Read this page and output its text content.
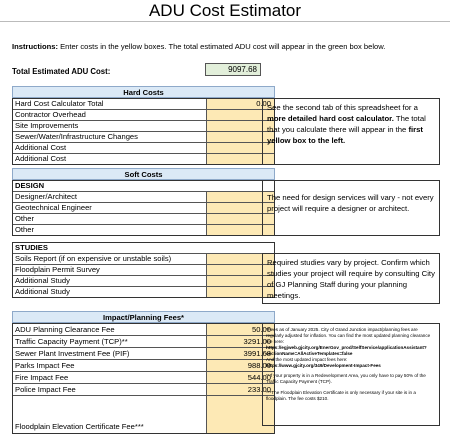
ADU Cost Estimator
Instructions: Enter costs in the yellow boxes. The total estimated ADU cost will appear in the green box below.
Total Estimated ADU Cost:	9097.68
Hard Costs
Hard Cost Calculator Total	0.00
Contractor Overhead
Site Improvements
Sewer/Water/Infrastructure Changes
Additional Cost
Additional Cost
See the second tab of this spreadsheet for a more detailed hard cost calculator. The total that you calculate there will appear in the first yellow box to the left.
Soft Costs
DESIGN
Designer/Architect
Geotechnical Engineer
Other
Other
The need for design services will vary - not every project will require a designer or architect.
STUDIES
Soils Report (if on expensive or unstable soils)
Floodplain Permit Survey
Additional Study
Additional Study
Required studies vary by project. Confirm which studies your project will require by consulting City of GJ Planning Staff during your planning meetings.
Impact/Planning Fees*
ADU Planning Clearance Fee	50.00
Traffic Capacity Payment (TCP)**	3291.00
Sewer Plant Investment Fee (PIF)	3991.68
Parks Impact Fee	988.00
Fire Impact Fee	544.00
Police Impact Fee	233.00
Floodplain Elevation Certificate Fee***
*Fees as of January 2025. City of Grand Junction impact/planning fees are regularly adjusted for inflation. You can find the most updated planning clearance fee here:
https://egjweb.gjcity.org/EnerGov_prod/SelfService/applicationAssistant?sectionName=AllActiveTemplates=false
And the most updated impact fees here:
https://www.gjcity.org/349/Development-Impact-Fees
**If your property is in a Redevelopment Area, you only have to pay 50% of the Traffic Capacity Payment (TCP).
***The Floodplain Elevation Certificate is only necessary if your site is in a floodplain. The fee costs $210.
